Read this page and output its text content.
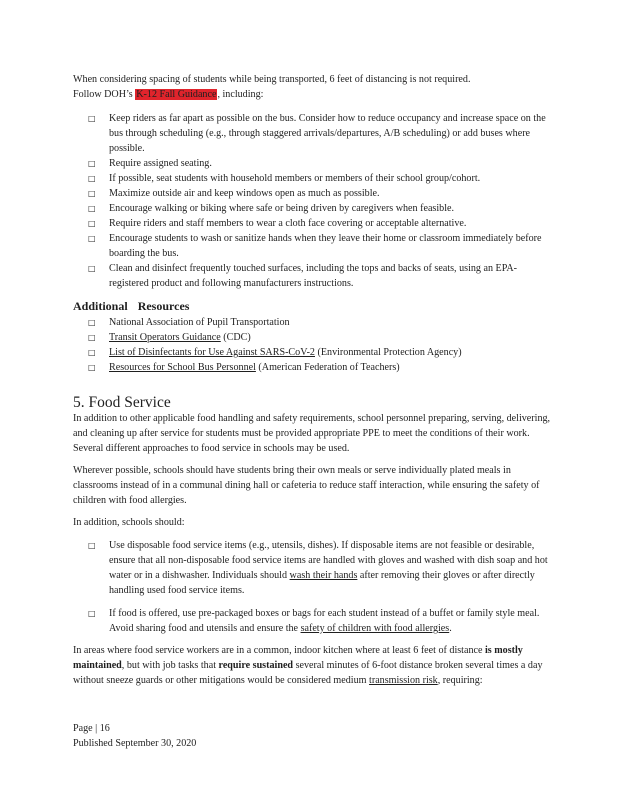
When considering spacing of students while being transported, 6 feet of distancing is not required.
Follow DOH’s K-12 Fall Guidance, including:
□
Keep riders as far apart as possible on the bus. Consider how to reduce occupancy and increase space on the bus through scheduling (e.g., through staggered arrivals/departures, A/B scheduling) or add buses where possible.
□
Require assigned seating.
□
If possible, seat students with household members or members of their school group/cohort.
□
Maximize outside air and keep windows open as much as possible.
□
Encourage walking or biking where safe or being driven by caregivers when feasible.
□
Require riders and staff members to wear a cloth face covering or acceptable alternative.
□
Encourage students to wash or sanitize hands when they leave their home or classroom immediately before boarding the bus.
□
Clean and disinfect frequently touched surfaces, including the tops and backs of seats, using an EPA-registered product and following manufacturers instructions.
Additional Resources
□
National Association of Pupil Transportation
□
Transit Operators Guidance (CDC)
□
List of Disinfectants for Use Against SARS-CoV-2 (Environmental Protection Agency)
□
Resources for School Bus Personnel (American Federation of Teachers)
5. Food Service
In addition to other applicable food handling and safety requirements, school personnel preparing, serving, delivering, and cleaning up after service for students must be provided appropriate PPE to meet the conditions of their work. Several different approaches to food service in schools may be used.
Wherever possible, schools should have students bring their own meals or serve individually plated meals in classrooms instead of in a communal dining hall or cafeteria to reduce staff interaction, while ensuring the safety of children with food allergies.
In addition, schools should:
□
Use disposable food service items (e.g., utensils, dishes). If disposable items are not feasible or desirable, ensure that all non-disposable food service items are handled with gloves and washed with dish soap and hot water or in a dishwasher. Individuals should wash their hands after removing their gloves or after directly handling used food service items.
□
If food is offered, use pre-packaged boxes or bags for each student instead of a buffet or family style meal. Avoid sharing food and utensils and ensure the safety of children with food allergies.
In areas where food service workers are in a common, indoor kitchen where at least 6 feet of distance is mostly maintained, but with job tasks that require sustained several minutes of 6-foot distance broken several times a day without sneeze guards or other mitigations would be considered medium transmission risk, requiring:
Page | 16
Published September 30, 2020
